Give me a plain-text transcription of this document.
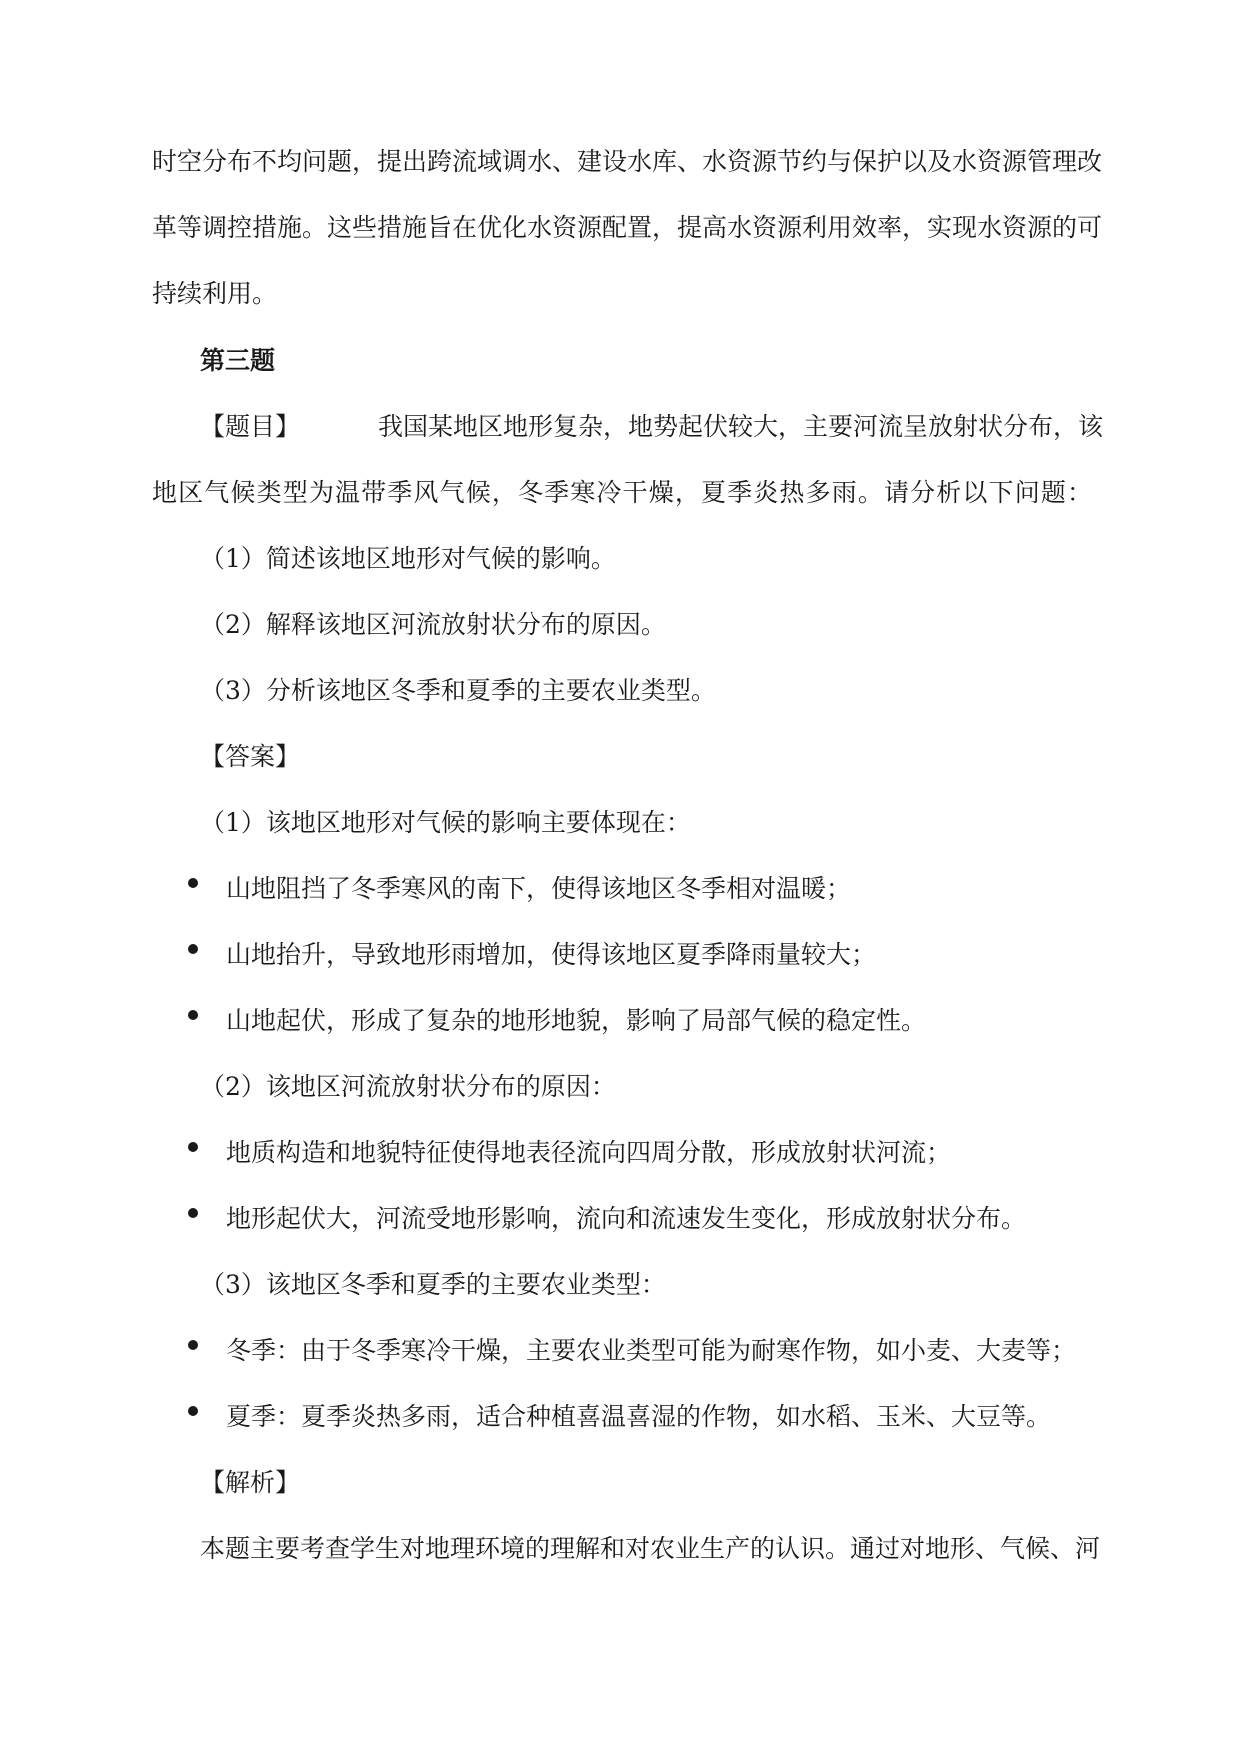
时空分布不均问题，提出跨流域调水、建设水库、水资源节约与保护以及水资源管理改
革等调控措施。这些措施旨在优化水资源配置，提高水资源利用效率，实现水资源的可
持续利用。
第三题
【题目】	我国某地区地形复杂，地势起伏较大，主要河流呈放射状分布，该
地区气候类型为温带季风气候，冬季寒冷干燥，夏季炎热多雨。请分析以下问题：
（1）简述该地区地形对气候的影响。
（2）解释该地区河流放射状分布的原因。
（3）分析该地区冬季和夏季的主要农业类型。
【答案】
（1）该地区地形对气候的影响主要体现在：
山地阻挡了冬季寒风的南下，使得该地区冬季相对温暖；
山地抬升，导致地形雨增加，使得该地区夏季降雨量较大；
山地起伏，形成了复杂的地形地貌，影响了局部气候的稳定性。
（2）该地区河流放射状分布的原因：
地质构造和地貌特征使得地表径流向四周分散，形成放射状河流；
地形起伏大，河流受地形影响，流向和流速发生变化，形成放射状分布。
（3）该地区冬季和夏季的主要农业类型：
冬季：由于冬季寒冷干燥，主要农业类型可能为耐寒作物，如小麦、大麦等；
夏季：夏季炎热多雨，适合种植喜温喜湿的作物，如水稻、玉米、大豆等。
【解析】
本题主要考查学生对地理环境的理解和对农业生产的认识。通过对地形、气候、河
